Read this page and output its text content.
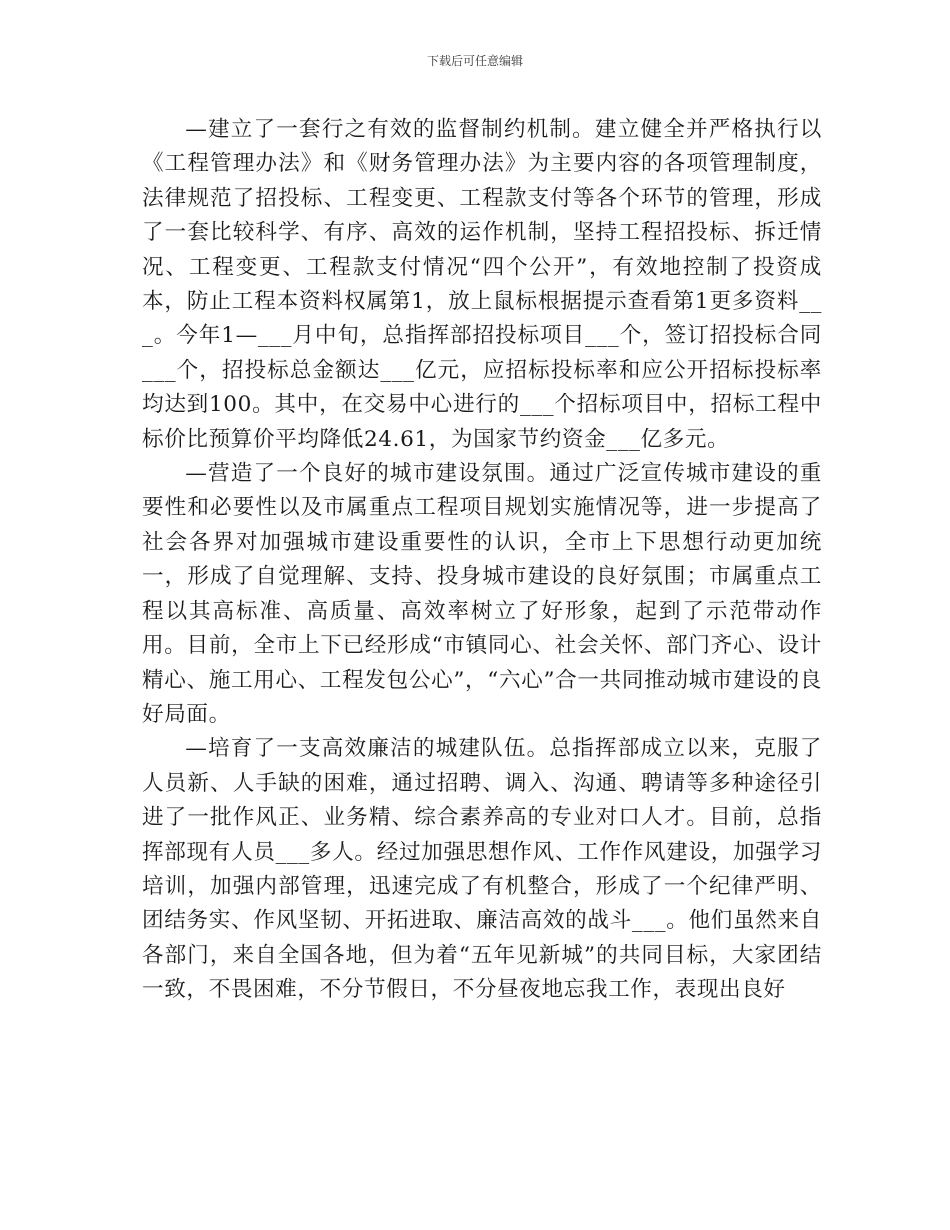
下载后可任意编辑

—建立了一套行之有效的监督制约机制。建立健全并严格执行以《工程管理办法》和《财务管理办法》为主要内容的各项管理制度，法律规范了招投标、工程变更、工程款支付等各个环节的管理，形成了一套比较科学、有序、高效的运作机制，坚持工程招投标、拆迁情况、工程变更、工程款支付情况“四个公开”，有效地控制了投资成本，防止工程本资料权属第1，放上鼠标根据提示查看第1更多资料___。今年1—___月中旬，总指挥部招投标项目___个，签订招投标合同___个，招投标总金额达___亿元，应招标投标率和应公开招标投标率均达到100。其中，在交易中心进行的___个招标项目中，招标工程中标价比预算价平均降低24.61，为国家节约资金___亿多元。

—营造了一个良好的城市建设氛围。通过广泛宣传城市建设的重要性和必要性以及市属重点工程项目规划实施情况等，进一步提高了社会各界对加强城市建设重要性的认识，全市上下思想行动更加统一，形成了自觉理解、支持、投身城市建设的良好氛围；市属重点工程以其高标准、高质量、高效率树立了好形象，起到了示范带动作用。目前，全市上下已经形成“市镇同心、社会关怀、部门齐心、设计精心、施工用心、工程发包公心”，“六心”合一共同推动城市建设的良好局面。

—培育了一支高效廉洁的城建队伍。总指挥部成立以来，克服了人员新、人手缺的困难，通过招聘、调入、沟通、聘请等多种途径引进了一批作风正、业务精、综合素养高的专业对口人才。目前，总指挥部现有人员___多人。经过加强思想作风、工作作风建设，加强学习培训，加强内部管理，迅速完成了有机整合，形成了一个纪律严明、团结务实、作风坚韧、开拓进取、廉洁高效的战斗___。他们虽然来自各部门，来自全国各地，但为着“五年见新城”的共同目标，大家团结一致，不畏困难，不分节假日，不分昼夜地忘我工作，表现出良好
